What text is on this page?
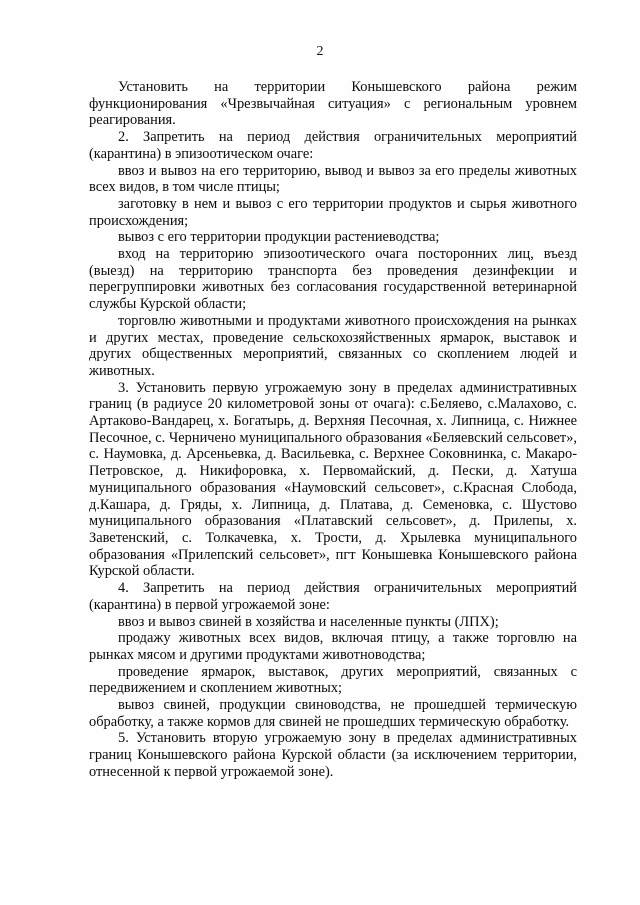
2

Установить на территории Конышевского района режим функционирования «Чрезвычайная ситуация» с региональным уровнем реагирования.

2. Запретить на период действия ограничительных мероприятий (карантина) в эпизоотическом очаге:

ввоз и вывоз на его территорию, вывод и вывоз за его пределы животных всех видов, в том числе птицы;

заготовку в нем и вывоз с его территории продуктов и сырья животного происхождения;

вывоз с его территории продукции растениеводства;

вход на территорию эпизоотического очага посторонних лиц, въезд (выезд) на территорию транспорта без проведения дезинфекции и перегруппировки животных без согласования государственной ветеринарной службы Курской области;

торговлю животными и продуктами животного происхождения на рынках и других местах, проведение сельскохозяйственных ярмарок, выставок и других общественных мероприятий, связанных со скоплением людей и животных.

3. Установить первую угрожаемую зону в пределах административных границ (в радиусе 20 километровой зоны от очага): с.Беляево, с.Малахово, с. Артаково-Вандарец, х. Богатырь, д. Верхняя Песочная, х. Липница, с. Нижнее Песочное, с. Черничено муниципального образования «Беляевский сельсовет», с. Наумовка, д. Арсеньевка, д. Васильевка, с. Верхнее Сокoвнинка, с. Макаро-Петровское, д. Никифоровка, х. Первомайский, д. Пески, д. Хатуша муниципального образования «Наумовский сельсовет», с.Красная Слобода, д.Кашара, д. Гряды, х. Липница, д. Платава, д. Семеновка, с. Шустово муниципального образования «Платавский сельсовет», д. Прилепы, х. Заветенский, с. Толкачевка, х. Трости, д. Хрылевка муниципального образования «Прилепский сельсовет», пгт Конышевка Конышевского района Курской области.

4. Запретить на период действия ограничительных мероприятий (карантина) в первой угрожаемой зоне:

ввоз и вывоз свиней в хозяйства и населенные пункты (ЛПХ);

продажу животных всех видов, включая птицу, а также торговлю на рынках мясом и другими продуктами животноводства;

проведение ярмарок, выставок, других мероприятий, связанных с передвижением и скоплением животных;

вывоз свиней, продукции свиноводства, не прошедшей термическую обработку, а также кормов для свиней не прошедших термическую обработку.

5. Установить вторую угрожаемую зону в пределах административных границ Конышевского района Курской области (за исключением территории, отнесенной к первой угрожаемой зоне).
